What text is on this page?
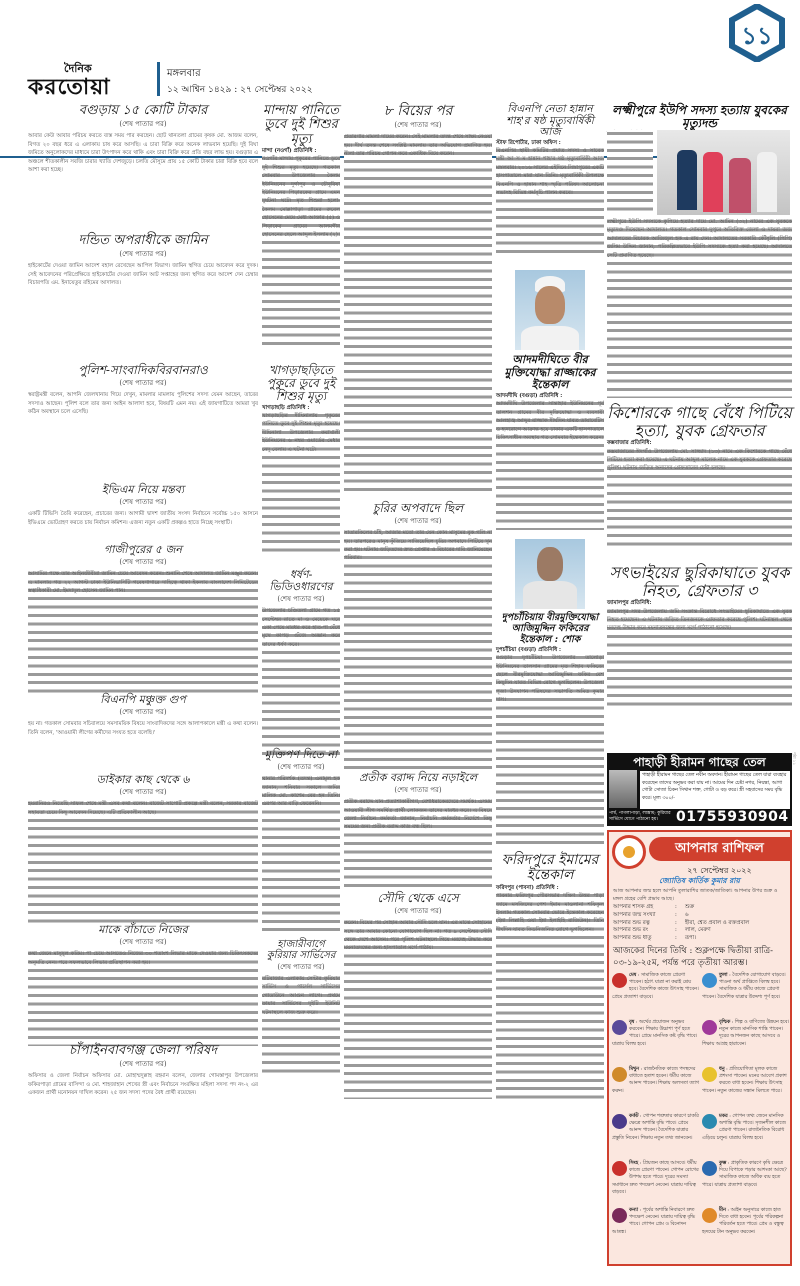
দৈনিক
করতোয়া
মঙ্গলবার
১২ আশ্বিন ১৪২৯ : ২৭ সেপ্টেম্বর ২০২২
১১
বগুড়ায় ১৫ কোটি টাকার
(শেষ পাতার পর)
আবার কেউ আবার পরিচয় করতে ব্যস্ত সময় পার করছেন। ছোট থানতলা গ্রামের কৃষক মো. আজম বলেন, বিগত ২০ বছর ধরে এ এলাকায় চাষ করে আসছি। এ চারা বিক্রি করে অনেক লাভবান হয়েছি। দুই বিঘা জমিতে অনুলোকদের মাধ্যমে চারা উৎপাদন করে থাকি এবং চারা বিক্রি করে প্রতি বছর লাভ হয়। বগুড়ার এ অঞ্চলে শীতকালীন সবজি চারার খ্যাতি দেশজুড়ে। চলতি মৌসুমে প্রায় ১৫ কোটি টাকার চারা বিক্রি হবে বলে আশা করা হচ্ছে।
দন্ডিত অপরাধীকে জামিন
(শেষ পাতার পর)
হাইকোর্টের দেওয়া জামিন আদেশ বহাল রেখেছেন আপিল বিভাগ। জামিন স্থগিত চেয়ে আবেদন করে দুদক। সেই আবেদনের পরিপ্রেক্ষিতে হাইকোর্টের দেওয়া জামিন আট সপ্তাহের জন্য স্থগিত করে আদেশ দেন চেম্বার বিচারপতি এম. ইনায়েতুর রহিমের আদালত।
পুলিশ-সাংবাদিকবিরবানরাও
(শেষ পাতার পর)
স্বরাষ্ট্রমন্ত্রী বলেন, আপনি জেলখানায় গিয়ে দেখুন, মামলার মামলায় পুলিশের সদস্য যেমন আছেন, তারের সদস্যও আছেন। পুলিশ বলে তার জন্য আইন আলাদা হবে, বিষয়টি এমন নয়। এই জায়গাটিতে আমরা খুব কঠিন অবস্থানে চলে এসেছি।
ইভিএম নিয়ে মন্তব্য
(শেষ পাতার পর)
একটি টিভিসি তৈরি করেছেন, প্রচারের জন্য। আগামী দ্বাদশ জাতীয় সংসদ নির্বাচনে সর্বোচ্চ ১৫০ আসনে ইভিএমে ভোটগ্রহণ করতে চায় নির্বাচন কমিশন। এজন্য নতুন একটি প্রকল্পও হাতে নিচ্ছে সংস্থাটি।
গাজীপুরের ৫ জন
(শেষ পাতার পর)
আসামির পক্ষে তার আইনজীবীরা জামিন চেয়ে আবেদন করেন। শুনানি শেষে আদালত জামিন মঞ্জুর করেন। এ মামলায় গত ২২ আগস্ট ঢাকা ইউনিভার্সিটি গবেষণাগারে দাহিত্বে থাকা ইকলাব বাংলাদেশ লিমিটেডের স্বত্বাধিকারী মো. ইমদাদুল হোসেন জামিন পান।
বিএনপি মঞ্চুক্ত গুপ
(শেষ পাতার পর)
হয় না। গতকাল সোমবার সচিবালয়ে সমসাময়িক বিষয়ে সাংবাদিকদের সঙ্গে আলাপকালে মন্ত্রী এ কথা বলেন। তিনি বলেন, 'আওয়ামী লীগের কর্মীদের সংযত হতে বলেছি।'
ডাইকার কাছ থেকে ৬
(শেষ পাতার পর)
হয়রানিরও নিতেছি সাফল শেষে মন্ত্রী এসব কথা বলেন। বাজেট সাপোর্ট প্রকল্পে মন্ত্রী বলেন, সরকার বাজেট সহায়তা চেয়ে কিছু আবেদন দিয়েছে। এটি প্রতিকালীন আছে।
মাকে বাঁচাতে নিজের
(শেষ পাতার পর)
কথা জেনে মাসুদুল করিম। পা চেয়ে আসতেও নিজের ৩০ শতাংশ লিভার মাকে দেওয়ার জন্য চিকিৎসকদের অনুমতি নেন। পরে সফলভাবে লিভার প্রতিস্থাপন করা হয়।
চাঁপাইনবাবগঞ্জ জেলা পরিষদ
(শেষ পাতার পর)
অফিসার ও জেলা নির্বাচন অফিসার মো. মোহাম্মদুল্লাহ রহমান বলেন, জেলার গোমস্তাপুর উপজেলার ফকিরপাড়া গ্রামের বাসিন্দা ও মো. শাহজাহান শেখের স্ত্রী এবং নির্বাচনে সংরক্ষিত মহিলা সদস্য পদ নং-২ এর একজন প্রার্থী মনোনয়ন দাখিল করেন। ২৫ জন সদস্য পদের বৈধ প্রার্থী রয়েছেন।
মান্দায় পানিতে ডুবে দুই শিশুর মৃত্যু
মান্দা (নওগাঁ) প্রতিনিধি :
নওগাঁর মান্দায় পুকুরের পানিতে ডুবে দুই শিশুর মৃত্যু হয়েছে। গতকাল সোমবার উপজেলার কৈলম ইউনিয়নের দুর্গাপুর ও চৌবুরিয়া ইউনিয়নের পিড়ারকের গ্রামে এমন দুর্ঘটনা ঘটে। মৃত শিশুরা হলো- কৈলম মোল্লাপাড়া গ্রামের রুবেল হোসেনের মেয়ে মেধা আক্তার (৫) ও পিড়াকের গ্রামের আলমগীর হোসেনের ছেলে আব্দুল ইসলাম (২)।
খাগড়াছড়িতে পুকুরে ডুবে দুই শিশুর মৃত্যু
খাগড়াছড়ি প্রতিনিধি :
খাগড়াছড়ির দীঘিনালায় পুকুরের পানিতে ডুবে দুই শিশুর মৃত্যু হয়েছে। দীঘিনালা উপজেলার কবাখালী ইউনিয়নের ৬ নম্বর ওয়ার্ডের মেধার নেদু বেলায় এ ঘটনা ঘটে।
ধর্ষণ-ভিডিওধারণের
(শেষ পাতার পর)
উপজেলার চণ্ডিতলা গ্রামে গত ১৫ সেপ্টেম্বর রাতে মা ও মেয়েকে ঘরে একা পেয়ে মারধর করে হাত-পা বেঁধে মুখে কাপড় গুঁজে অজ্ঞান করে তাদের ধর্ষণ করে।
মুক্তিপণ দিতে না
(শেষ পাতার পর)
থানার পরিদর্শক (তদন্ত) এনামুল হক জানান, শনিবার সকালে জমির মালিক মো. কাশেম বের হন তিনি। এরপর আর বাড়ি ফেরেননি।
হাজারীবাগে কুরিয়ার সার্ভিসের
(শেষ পাতার পর)
বটিবাজার এলাকায় সেন্টার কুরিয়ার সার্ভিস ও পার্সেল সার্ভিসের গোডাউনে আগুন লাগে। প্রথমে ফায়ার সার্ভিসের দুইটি ইউনিট ঘটনাস্থলে কাজ শুরু করে।
৮ বিয়ের পর
(শেষ পাতার পর)
প্রতারণার মামলা দায়ের করেন। সেই মামলার তদন্ত শেষে সাক্ষ্য নেওয়া হয়। দীর্ঘ তদন্ত শেষে সংশ্লিষ্ট মামলায় তার অভিযোগ প্রমাণিত হয়। নীলা তার পরিচয় গোপন করে একাধিক বিয়ে করেন।
চুরির অপবাদে ছিল
(শেষ পাতার পর)
সাতারকিলের চাঁই, আজার মতো তার যেন কোন মাসুমের বুক গলি না হয়। তারপরেও মানুষ কুঁজিয়ে সাজিয়েছিল চুরির অপবাদে পিটিয়ে খুন করা হয়। ঘটনায় জড়িতদের দ্রুত গ্রেপ্তার ও বিচারের দাবি জানিয়েছেন পরিবার।
প্রতীক বরাদ্দ নিয়ে নড়াইলে
(শেষ পাতার পর)
প্রতীক বরাদ্দে যান প্রত্যাশাকারীগণ, বেশাধরাকেরদেরে সমর্থক। এসময় আওয়ামী লীগ সমর্থিত প্রার্থী লোকজন তাদের মারধর করে। এ বিষয়ে জেলা নির্বাচন কর্মকর্তা জানান, নির্বাচনি কর্মকর্তার নির্দেশে কিছু সময়ের জন্য প্রতীক বরাদ্দ কাজ বন্ধ ছিল।
সৌদি থেকে এসে
(শেষ পাতার পর)
করেন। বিয়ের পর সোহান আবার সৌদি চলে যান। এর মাঝে সোহানের সঙ্গে তার আবার কোনো যোগাযোগ ছিল না। গত ৯ সেপ্টেম্বর সৌদি থেকে দেশে আসেন। পরে পুলিশ ঘটনাস্থলে গিয়ে মরদেহ উদ্ধার করে ময়নাতদন্তের জন্য হাসপাতাল মর্গে পাঠায়।
বিএনপি নেতা হান্নান শাহ'র ষষ্ঠ মৃত্যুবার্ষিকী আজ
স্টাফ রিপোর্টার, ঢাকা অফিস :
বিএনপির স্থায়ী কমিটির প্রয়াত সদস্য ও সাবেক মন্ত্রী আ স ম হান্নান শাহ'র ষষ্ঠ মৃত্যুবার্ষিকী আজ মঙ্গলবার। ২০১৬ সালের এইদিনে সিঙ্গাপুরের একটি হাসপাতালে মারা যান তিনি। মৃত্যুবার্ষিকী উপলক্ষে বিএনপি ও হান্নান শাহ স্মৃতি পরিষদ আলোচনা সভাসহ বিভিন্ন কর্মসূচি পালন করবে।
আদমদীঘিতে বীর মুক্তিযোদ্ধা রাজ্জাকের ইন্তেকাল
আদমদীঘি (বগুড়া) প্রতিনিধি :
আদমদীঘি উপজেলার সান্তাহার ইউনিয়নের পূর্ব তালশন গ্রামের বীর মুক্তিযোদ্ধা ও ব্যবসায়ী আলহাজ্ব আব্দুর রাজ্জাক দীর্ঘদিন যাবত ডায়াবেটিস ও হৃদরোগে আক্রান্ত হয়ে ঢাকার একটি হাসপাতালে চিকিৎসাধীন অবস্থায় গত সোমবার ইন্তেকাল করেন।
দুপচাঁচিয়ায় বীরমুক্তিযোদ্ধা আজিমুদ্দিন ফকিরের ইন্তেকাল : শোক
দুপচাঁচিয়া (বগুড়া) প্রতিনিধি :
বগুড়ার দুপচাঁচিয়া উপজেলার তালোড়া ইউনিয়নের তালসান গ্রামের মৃত শিহাব ফকিরের ছেলে বীরমুক্তিযোদ্ধা আজিমুদ্দিন ফকির বেশ কিছুদিন যাবত বিভিন্ন রোগে ভুগছিলেন। উপজেলা পূজা উদযাপন পরিষদের সভাপতি অমিত কুমার দাস।
ফরিদপুরে ইমামের ইন্তেকাল
ফরিদপুর (পাবনা) প্রতিনিধি :
পাবনার ফরিদপুর পৌরসভার দক্ষিণ উত্তর পাড়া জামে মসজিদের পেশ ইমাম মাওলানা শফিকুল ইসলাম গতকাল সোমবার ভোরে ইন্তেকাল করেছেন (ইন্না লিল্লাহি ওয়া ইন্না ইলাইহি রাজিউন)। তিনি দীর্ঘদিন যাবত কিডনিজনিত রোগে ভুগছিলেন।
লক্ষ্মীপুরে ইউপি সদস্য হত্যায় যুবকের মৃত্যুদন্ড
লক্ষ্মীপুরে ইউপি সদস্যকে কুপিয়ে হত্যার দায়ে মো. আমিন (৩২) নামের এক যুবককে মৃত্যুদণ্ড দিয়েছেন আদালত। গতকাল সোমবার দুপুরে অতিরিক্ত জেলা ও দায়রা জজ আদালতের বিচারক আজিজুল হক এ রায় দেন। আদালতের সরকারি কৌঁসুলি (পিপি) জসিম উদ্দিন জানান, পরিকল্পিতভাবে ইউপি সদস্যকে হত্যা করা হয়েছে। আদালতে সেটি প্রমাণিত হয়েছে।
কিশোরকে গাছে বেঁধে পিটিয়ে হত্যা, যুবক গ্রেফতার
কক্সবাজার প্রতিনিধি:
কক্সবাজারের ঈদগাঁও উপজেলায় মো. সাজ্জাদ (১৩) নামে এক কিশোরকে গাছে বেঁধে পিটিয়ে হত্যা করা হয়েছে। এ ঘটনায় আব্দুল মালেক নামে এক যুবককে গ্রেফতার করেছে পুলিশ। ঘটনায় জড়িত অন্যদের গ্রেফতারের চেষ্টা চলছে।
সৎভাইয়ের ছুরিকাঘাতে যুবক নিহত, গ্রেফতার ৩
জামালপুর প্রতিনিধি:
জামালপুর সদর উপজেলায় জমি সংক্রান্ত বিরোধে সৎভাইয়ের ছুরিকাঘাতে এক যুবক নিহত হয়েছেন। এ ঘটনায় জড়িত তিনজনকে গ্রেফতার করেছে পুলিশ। ঘটনাস্থল থেকে মরদেহ উদ্ধার করে ময়নাতদন্তের জন্য মর্গে পাঠানো হয়েছে।
পাহাড়ী হীরামন গাছের তেল
পাহাড়ী হীরামন গাছের তেল নবীন অবদান। হীরামন গাছের তেল যারা ব্যবহার করেছেন তাদের অনুভব করা যায় না। আমের দিন চেষ্টা নগর, নিয়ন্তা, আগা গোটা সোজা চিকন সিথান শক্ত, গোটা ও বড় করে। স্ত্রী সহবাসের সময় বৃদ্ধি করে। মূল্য ৩০০/-
পার্শ্ব, পাগলাপাড়া, লাক্সাম; কুরিয়ার সার্ভিসে যোগে পাঠানো হয়।	01755930904
পৃষ্ঠা ১১
আপনার রাশিফল
২৭ সেপ্টেম্বর ২০২২
জ্যোতিষ কার্তিক কুমার রায়
আজ আপনার জন্ম হলে আপনি তুলারাশির জাতক/জাতিকা। আপনার উপর শুক্র ও মঙ্গল গ্রহের বেশি প্রভাব আছে।
আপনার শাসক গ্রহ	:	শুক্র
আপনার জন্ম সংখ্যা	:	৬
আপনার শুভ রত্ন	:	হীরা, শ্বেত প্রবাল ও রক্তপ্রবাল
আপনার শুভ রং	:	লাল, মেরুণ
আপনার শুভ ধাতু	:	রূপা।
আজকের দিনের তিথি : শুক্লপক্ষে দ্বিতীয়া রাত্রি- ০৩-১৯-২৫ম, পর্যন্ত পরে তৃতীয়া আরম্ভ।
মেষ : সামাজিক কাজে প্রেরণা পাবেন। হঠাৎ যাত্রা না করাই শ্রেয় হবে। বৈদেশিক কাজে উৎসাহ পাবেন। প্রেমে প্রত্যাশা বাড়বে।
তুলা : বৈদেশিক যোগাযোগ বাড়বে। পাওনা অর্থ প্রাপ্তিতে বিলম্ব হবে। সামাজিক ও ধর্মীয় কাজে প্রেরণা পাবেন। বৈদেশিক যাত্রার উদ্দেশ্য পূর্ণ হবে।
বৃষ : অর্থের প্রয়োজন অনুভব করবেন। শিক্ষায় উচ্চাশা পূর্ণ হতে পারে। প্রেমে মানসিক কষ্ট বৃদ্ধি পাবে। যাত্রায় বিলম্ব হবে।
বৃশ্চিক : শিল্প ও বাণিজ্যে উন্নয়ন হবে। নতুন কাজে মানসিক শান্তি পাবেন। দূরের আপনজন কাছে আসবে ও শিক্ষায় আগ্রহ হারাবেন।
মিথুন : রাজনৈতিক কাজে পদস্থদের বাধাতে হতাশ হবেন। ধর্মীয় কাজে আনন্দ পাবেন। শিক্ষায় অলসতা ত্যাগ করুন।
ধনু : প্রতিযোগিতা মূলক কাজে প্রশংসা পাবেন। মনের আবেগ প্রকাশ করতে বাধা হবেন। শিক্ষায় উৎসাহ পাবেন। নতুন কাজের সন্ধান মিলতে পারে।
কর্কট : গোপন শত্রুতার কারণে চাকরি ক্ষেত্রে অশান্তি বৃদ্ধি পাবে। প্রেমে আনন্দ পাবেন। বৈদেশিক যাত্রার প্রস্তুতি নিবেন। শিক্ষায় নতুন তথ্য জানবেন।
মকর : গোপন তথ্য জেনে মানসিক অশান্তি বৃদ্ধি পাবে। সৃজনশীল কাজে প্রেরণা পাবেন। রাজনৈতিক বিরোধ এড়িয়ে চলুন। যাত্রায় বিলম্ব হবে।
সিংহ : প্রিয়জন কাছে আসবে। ধর্মীয় কাজে প্রেরণা পাবেন। গোপন রোগের উপশম হতে পারে। দূরের সমস্যা সমাধানে দ্রুত পদক্ষেপ নেবেন। যাত্রায় দায়িত্ব বাড়বে।
কুম্ভ : প্রাকৃতিক কারণে কৃষি ক্ষেত্রে দিয়ে বিপাকে পড়ার আশংকা আছে? সামাজিক কাজে অধিক ব্যয় হতে পারে। যাত্রায় প্রত্যাশা বাড়বে।
কন্যা : পূর্বের অশান্তি নিবারণে দ্রুত পদক্ষেপ নেবেন। যাত্রায় দায়িত্ব বৃদ্ধি পাবে। গোপন প্রেম ও বিনোদন আতঙ্ক।
মীন : আইন অনুসারে কাজে হাত দিতে বাধা হবেন। পূর্বের পরিকল্পনা পরিবর্তন হতে পারে। প্রেম ও বন্ধুত্ব হৃদয়ের টান অনুভব করবেন।
